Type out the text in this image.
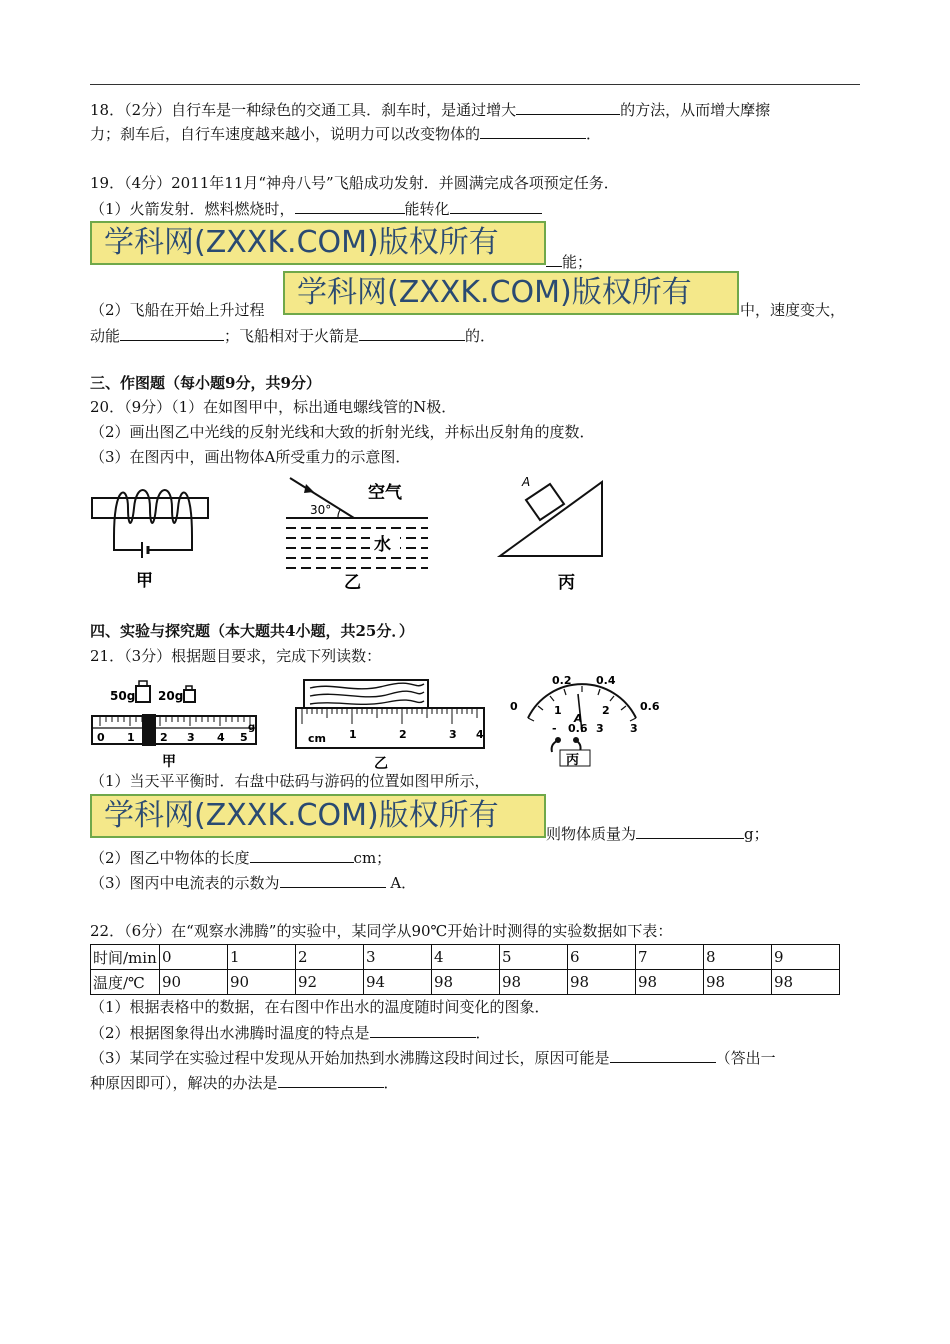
18．（2分）自行车是一种绿色的交通工具．刹车时，是通过增大	的方法，从而增大摩擦
力；刹车后，自行车速度越来越小，说明力可以改变物体的	．
19．（4分）2011年11月“神舟八号”飞船成功发射．并圆满完成各项预定任务．
（1）火箭发射．燃料燃烧时，	能转化
学科网(ZXXK.COM)版权所有
能；
学科网(ZXXK.COM)版权所有
（2）飞船在开始上升过程	中，速度变大，
动能	；飞船相对于火箭是	的．
三、作图题（每小题9分，共9分）
20．（9分）（1）在如图甲中，标出通电螺线管的N极．
（2）画出图乙中光线的反射光线和大致的折射光线，并标出反射角的度数．
（3）在图丙中，画出物体A所受重力的示意图．
甲
30°
空气
水
乙
A
丙
四、实验与探究题（本大题共4小题，共25分．）
21．（3分）根据题目要求，完成下列读数：
50g 20g
0 1 2 3 4 5
g
甲
cm 1	2	3 4
乙
0.2 0.4
0	0.6
1	2
3
A
- 0.6 3
丙
（1）当天平平衡时．右盘中砝码与游码的位置如图甲所示，
学科网(ZXXK.COM)版权所有
则物体质量为	g；
（2）图乙中物体的长度	cm；
（3）图丙中电流表的示数为	A．
22．（6分）在“观察水沸腾”的实验中，某同学从90℃开始计时测得的实验数据如下表：
时间/min	0	1	2	3	4	5	6	7	8	9
温度/℃	90	90	92	94	98	98	98	98	98	98
（1）根据表格中的数据，在右图中作出水的温度随时间变化的图象．
（2）根据图象得出水沸腾时温度的特点是	．
（3）某同学在实验过程中发现从开始加热到水沸腾这段时间过长，原因可能是	（答出一
种原因即可），解决的办法是	．
